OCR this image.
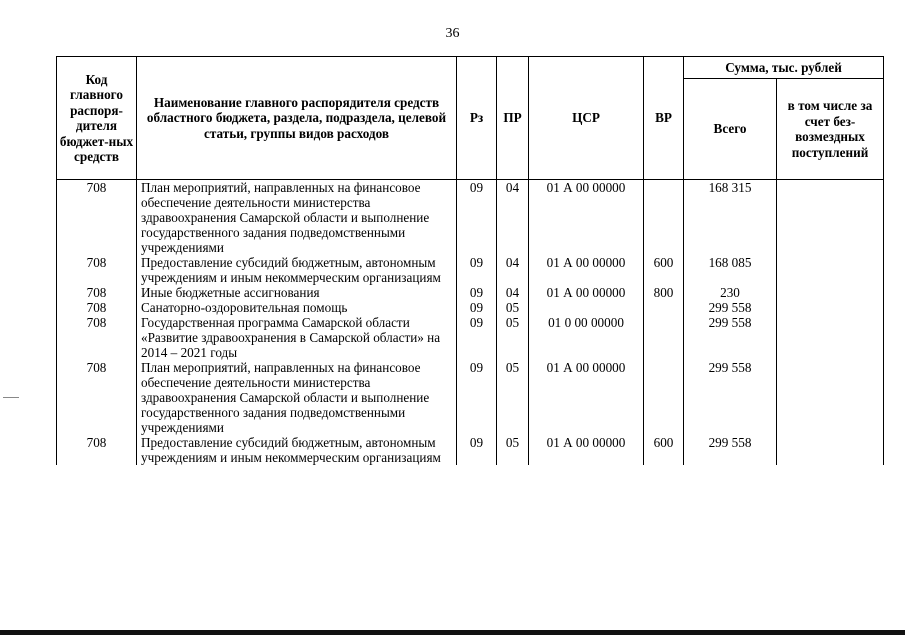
36
Код главного распоря-дителя бюджет-ных средств	Наименование главного распорядителя средств областного бюджета, раздела, подраздела, целевой статьи, группы видов расходов	Рз	ПР	ЦСР	ВР	Сумма, тыс. рублей	
						Всего	в том числе за счет без-возмездных поступлений
708	План мероприятий, направленных на финансовое обеспечение деятельности министерства здравоохранения Самарской области и выполнение государственного задания подведомственными учреждениями	09	04	01 А 00 00000		168 315	
708	Предоставление субсидий бюджетным, автономным учреждениям и иным некоммерческим организациям	09	04	01 А 00 00000	600	168 085	
708	Иные бюджетные ассигнования	09	04	01 А 00 00000	800	230	
708	Санаторно-оздоровительная помощь	09	05			299 558	
708	Государственная программа Самарской области «Развитие здравоохранения в Самарской области» на 2014 – 2021 годы	09	05	01 0 00 00000		299 558	
708	План мероприятий, направленных на финансовое обеспечение деятельности министерства здравоохранения Самарской области и выполнение государственного задания подведомственными учреждениями	09	05	01 А 00 00000		299 558	
708	Предоставление субсидий бюджетным, автономным учреждениям и иным некоммерческим организациям	09	05	01 А 00 00000	600	299 558	
